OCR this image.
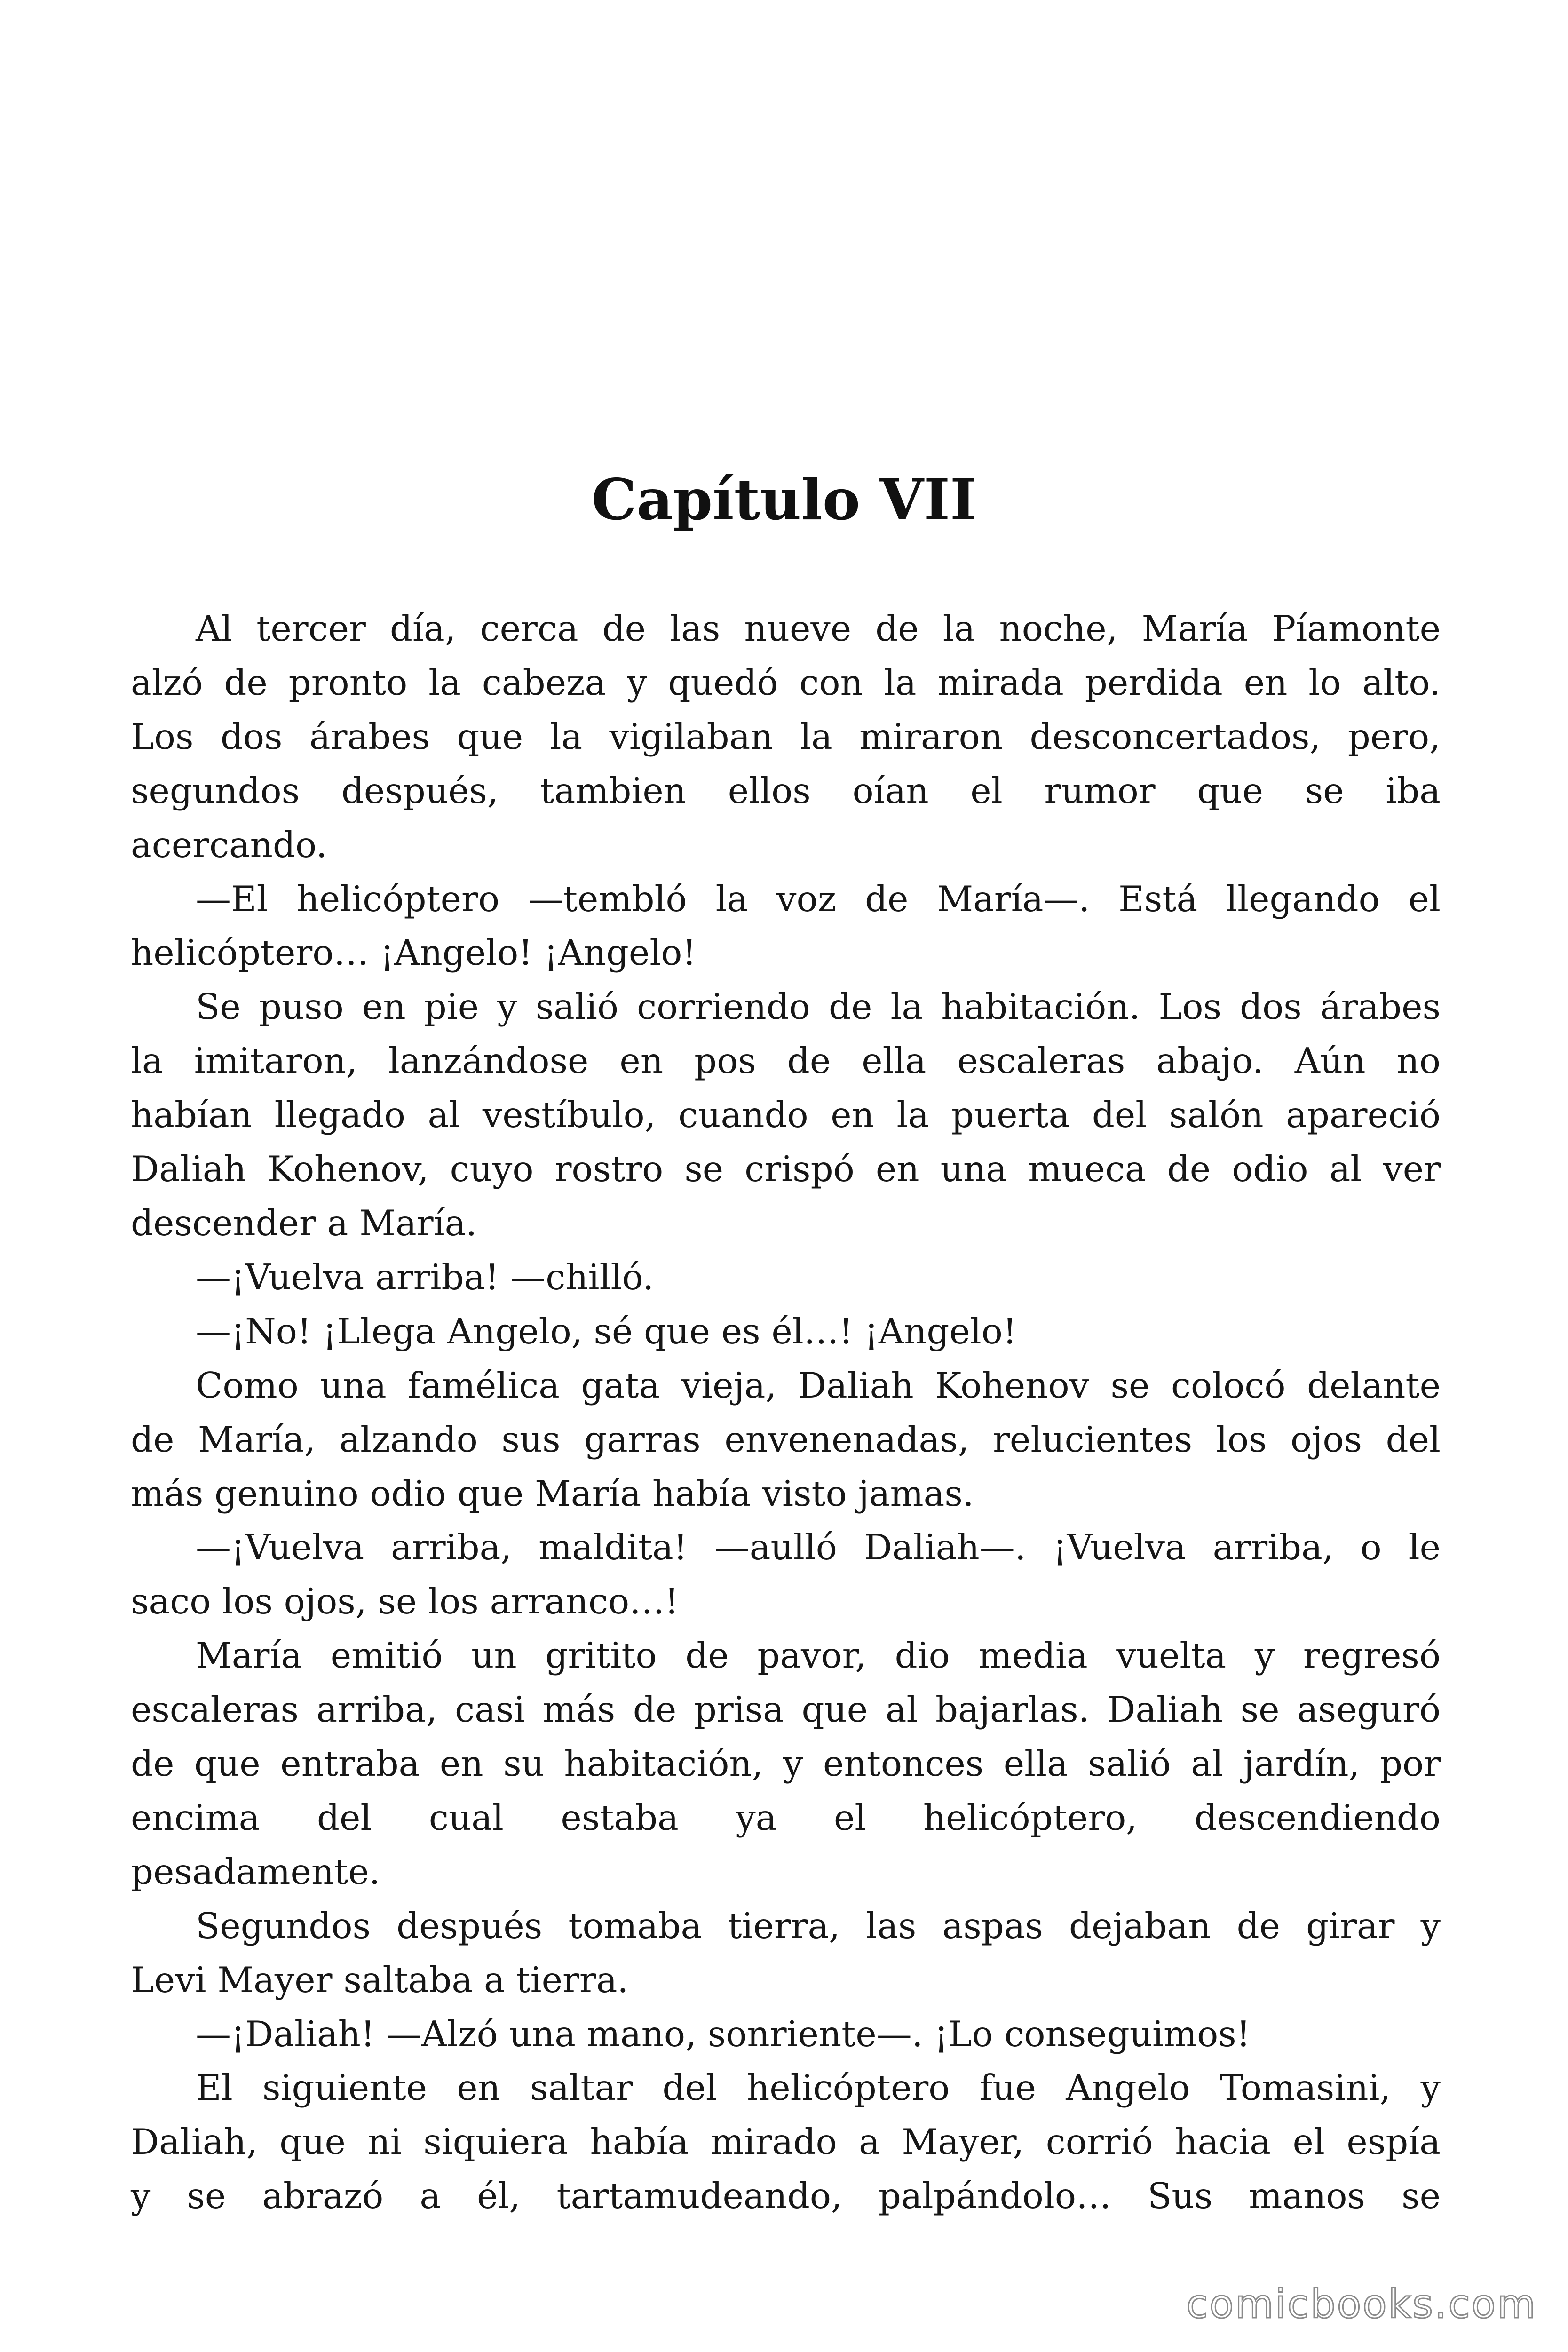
Capítulo VII
Al tercer día, cerca de las nueve de la noche, María Píamonte
alzó de pronto la cabeza y quedó con la mirada perdida en lo alto.
Los dos árabes que la vigilaban la miraron desconcertados, pero,
segundos después, tambien ellos oían el rumor que se iba
acercando.
—El helicóptero —tembló la voz de María—. Está llegando el
helicóptero… ¡Angelo! ¡Angelo!
Se puso en pie y salió corriendo de la habitación. Los dos árabes
la imitaron, lanzándose en pos de ella escaleras abajo. Aún no
habían llegado al vestíbulo, cuando en la puerta del salón apareció
Daliah Kohenov, cuyo rostro se crispó en una mueca de odio al ver
descender a María.
—¡Vuelva arriba! —chilló.
—¡No! ¡Llega Angelo, sé que es él…! ¡Angelo!
Como una famélica gata vieja, Daliah Kohenov se colocó delante
de María, alzando sus garras envenenadas, relucientes los ojos del
más genuino odio que María había visto jamas.
—¡Vuelva arriba, maldita! —aulló Daliah—. ¡Vuelva arriba, o le
saco los ojos, se los arranco…!
María emitió un gritito de pavor, dio media vuelta y regresó
escaleras arriba, casi más de prisa que al bajarlas. Daliah se aseguró
de que entraba en su habitación, y entonces ella salió al jardín, por
encima del cual estaba ya el helicóptero, descendiendo
pesadamente.
Segundos después tomaba tierra, las aspas dejaban de girar y
Levi Mayer saltaba a tierra.
—¡Daliah! —Alzó una mano, sonriente—. ¡Lo conseguimos!
El siguiente en saltar del helicóptero fue Angelo Tomasini, y
Daliah, que ni siquiera había mirado a Mayer, corrió hacia el espía
y se abrazó a él, tartamudeando, palpándolo… Sus manos se
comicbooks.com
